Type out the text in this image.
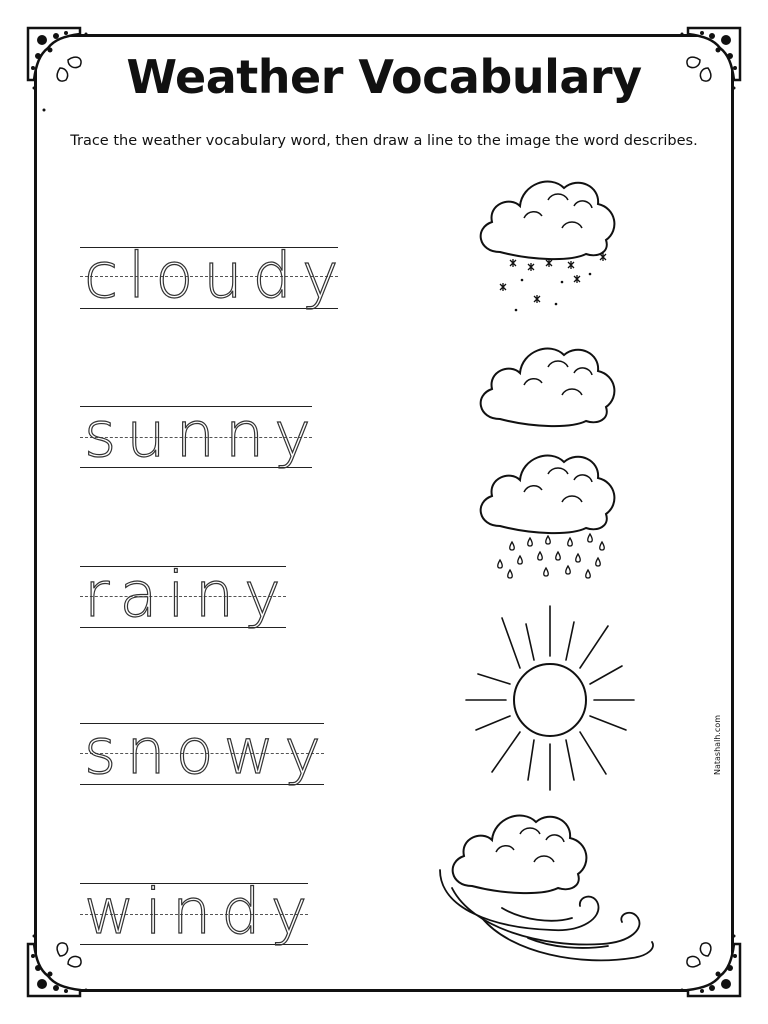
Weather Vocabulary
Trace the weather vocabulary word, then draw a line to the image the word describes.
cloudy
sunny
rainy
snowy
windy
Natashalh.com
